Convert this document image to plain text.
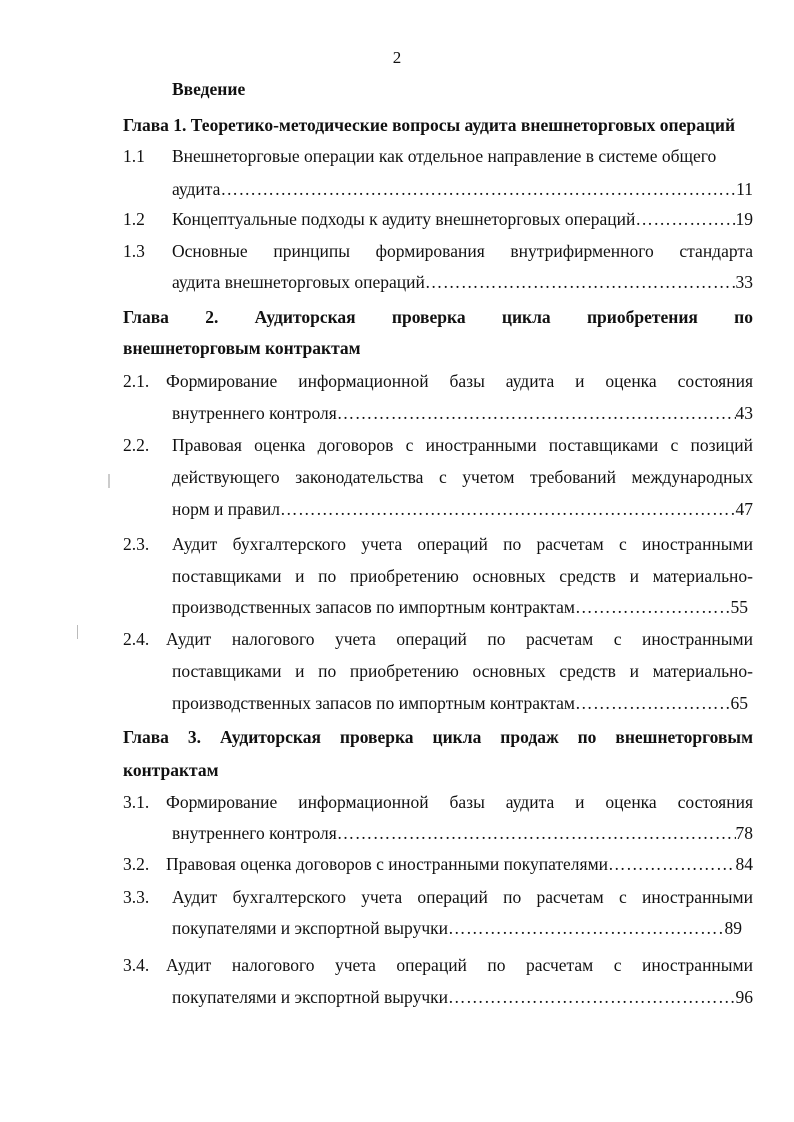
2
Введение
Глава 1. Теоретико-методические вопросы аудита внешнеторговых операций
1.1 Внешнеторговые операции как отдельное направление в системе общего
аудита ……………………………………………………………………………………………………………………………………………………	11
1.2 Концептуальные подходы к аудиту внешнеторговых операций ……………………………………………………………………………………………………………………………………………………	19
1.3 Основные принципы формирования внутрифирменного стандарта
аудита внешнеторговых операций ……………………………………………………………………………………………………………………………………………………	33
Глава 2. Аудиторская проверка цикла приобретения по
внешнеторговым контрактам
2.1. Формирование информационной базы аудита и оценка состояния
внутреннего контроля ……………………………………………………………………………………………………………………………………………………	43
2.2. Правовая оценка договоров с иностранными поставщиками с позиций
действующего законодательства с учетом требований международных
норм и правил ……………………………………………………………………………………………………………………………………………………	47
2.3. Аудит бухгалтерского учета операций по расчетам с иностранными
поставщиками и по приобретению основных средств и материально-
производственных запасов по импортным контрактам ……………………………………………………………………………………………………………………………………………………	55
2.4. Аудит налогового учета операций по расчетам с иностранными
поставщиками и по приобретению основных средств и материально-
производственных запасов по импортным контрактам ……………………………………………………………………………………………………………………………………………………	65
Глава 3. Аудиторская проверка цикла продаж по внешнеторговым
контрактам
3.1. Формирование информационной базы аудита и оценка состояния
внутреннего контроля ……………………………………………………………………………………………………………………………………………………	78
3.2. Правовая оценка договоров с иностранными покупателями ……………………………………………………………………………………………………………………………………………………	84
3.3. Аудит бухгалтерского учета операций по расчетам с иностранными
покупателями и экспортной выручки ……………………………………………………………………………………………………………………………………………………	89
3.4. Аудит налогового учета операций по расчетам с иностранными
покупателями и экспортной выручки ……………………………………………………………………………………………………………………………………………………	96
